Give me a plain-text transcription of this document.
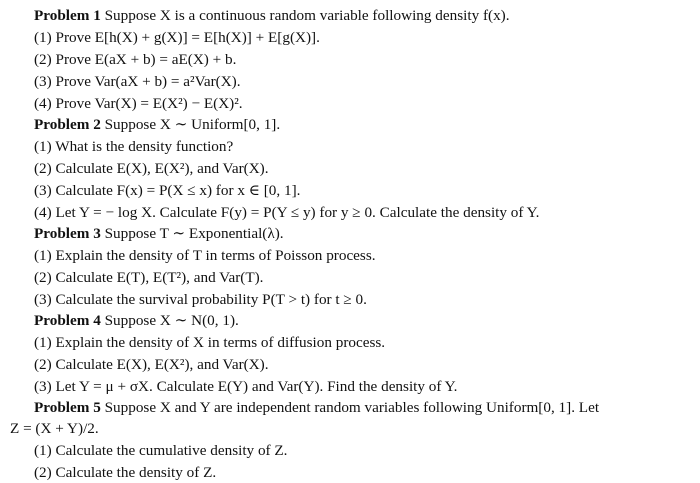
Problem 1 Suppose X is a continuous random variable following density f(x).
(1) Prove E[h(X) + g(X)] = E[h(X)] + E[g(X)].
(2) Prove E(aX + b) = aE(X) + b.
(3) Prove Var(aX + b) = a²Var(X).
(4) Prove Var(X) = E(X²) − E(X)².
Problem 2 Suppose X ∼ Uniform[0, 1].
(1) What is the density function?
(2) Calculate E(X), E(X²), and Var(X).
(3) Calculate F(x) = P(X ≤ x) for x ∈ [0, 1].
(4) Let Y = − log X. Calculate F(y) = P(Y ≤ y) for y ≥ 0. Calculate the density of Y.
Problem 3 Suppose T ∼ Exponential(λ).
(1) Explain the density of T in terms of Poisson process.
(2) Calculate E(T), E(T²), and Var(T).
(3) Calculate the survival probability P(T > t) for t ≥ 0.
Problem 4 Suppose X ∼ N(0, 1).
(1) Explain the density of X in terms of diffusion process.
(2) Calculate E(X), E(X²), and Var(X).
(3) Let Y = μ + σX. Calculate E(Y) and Var(Y). Find the density of Y.
Problem 5 Suppose X and Y are independent random variables following Uniform[0, 1]. Let
Z = (X + Y)/2.
(1) Calculate the cumulative density of Z.
(2) Calculate the density of Z.
